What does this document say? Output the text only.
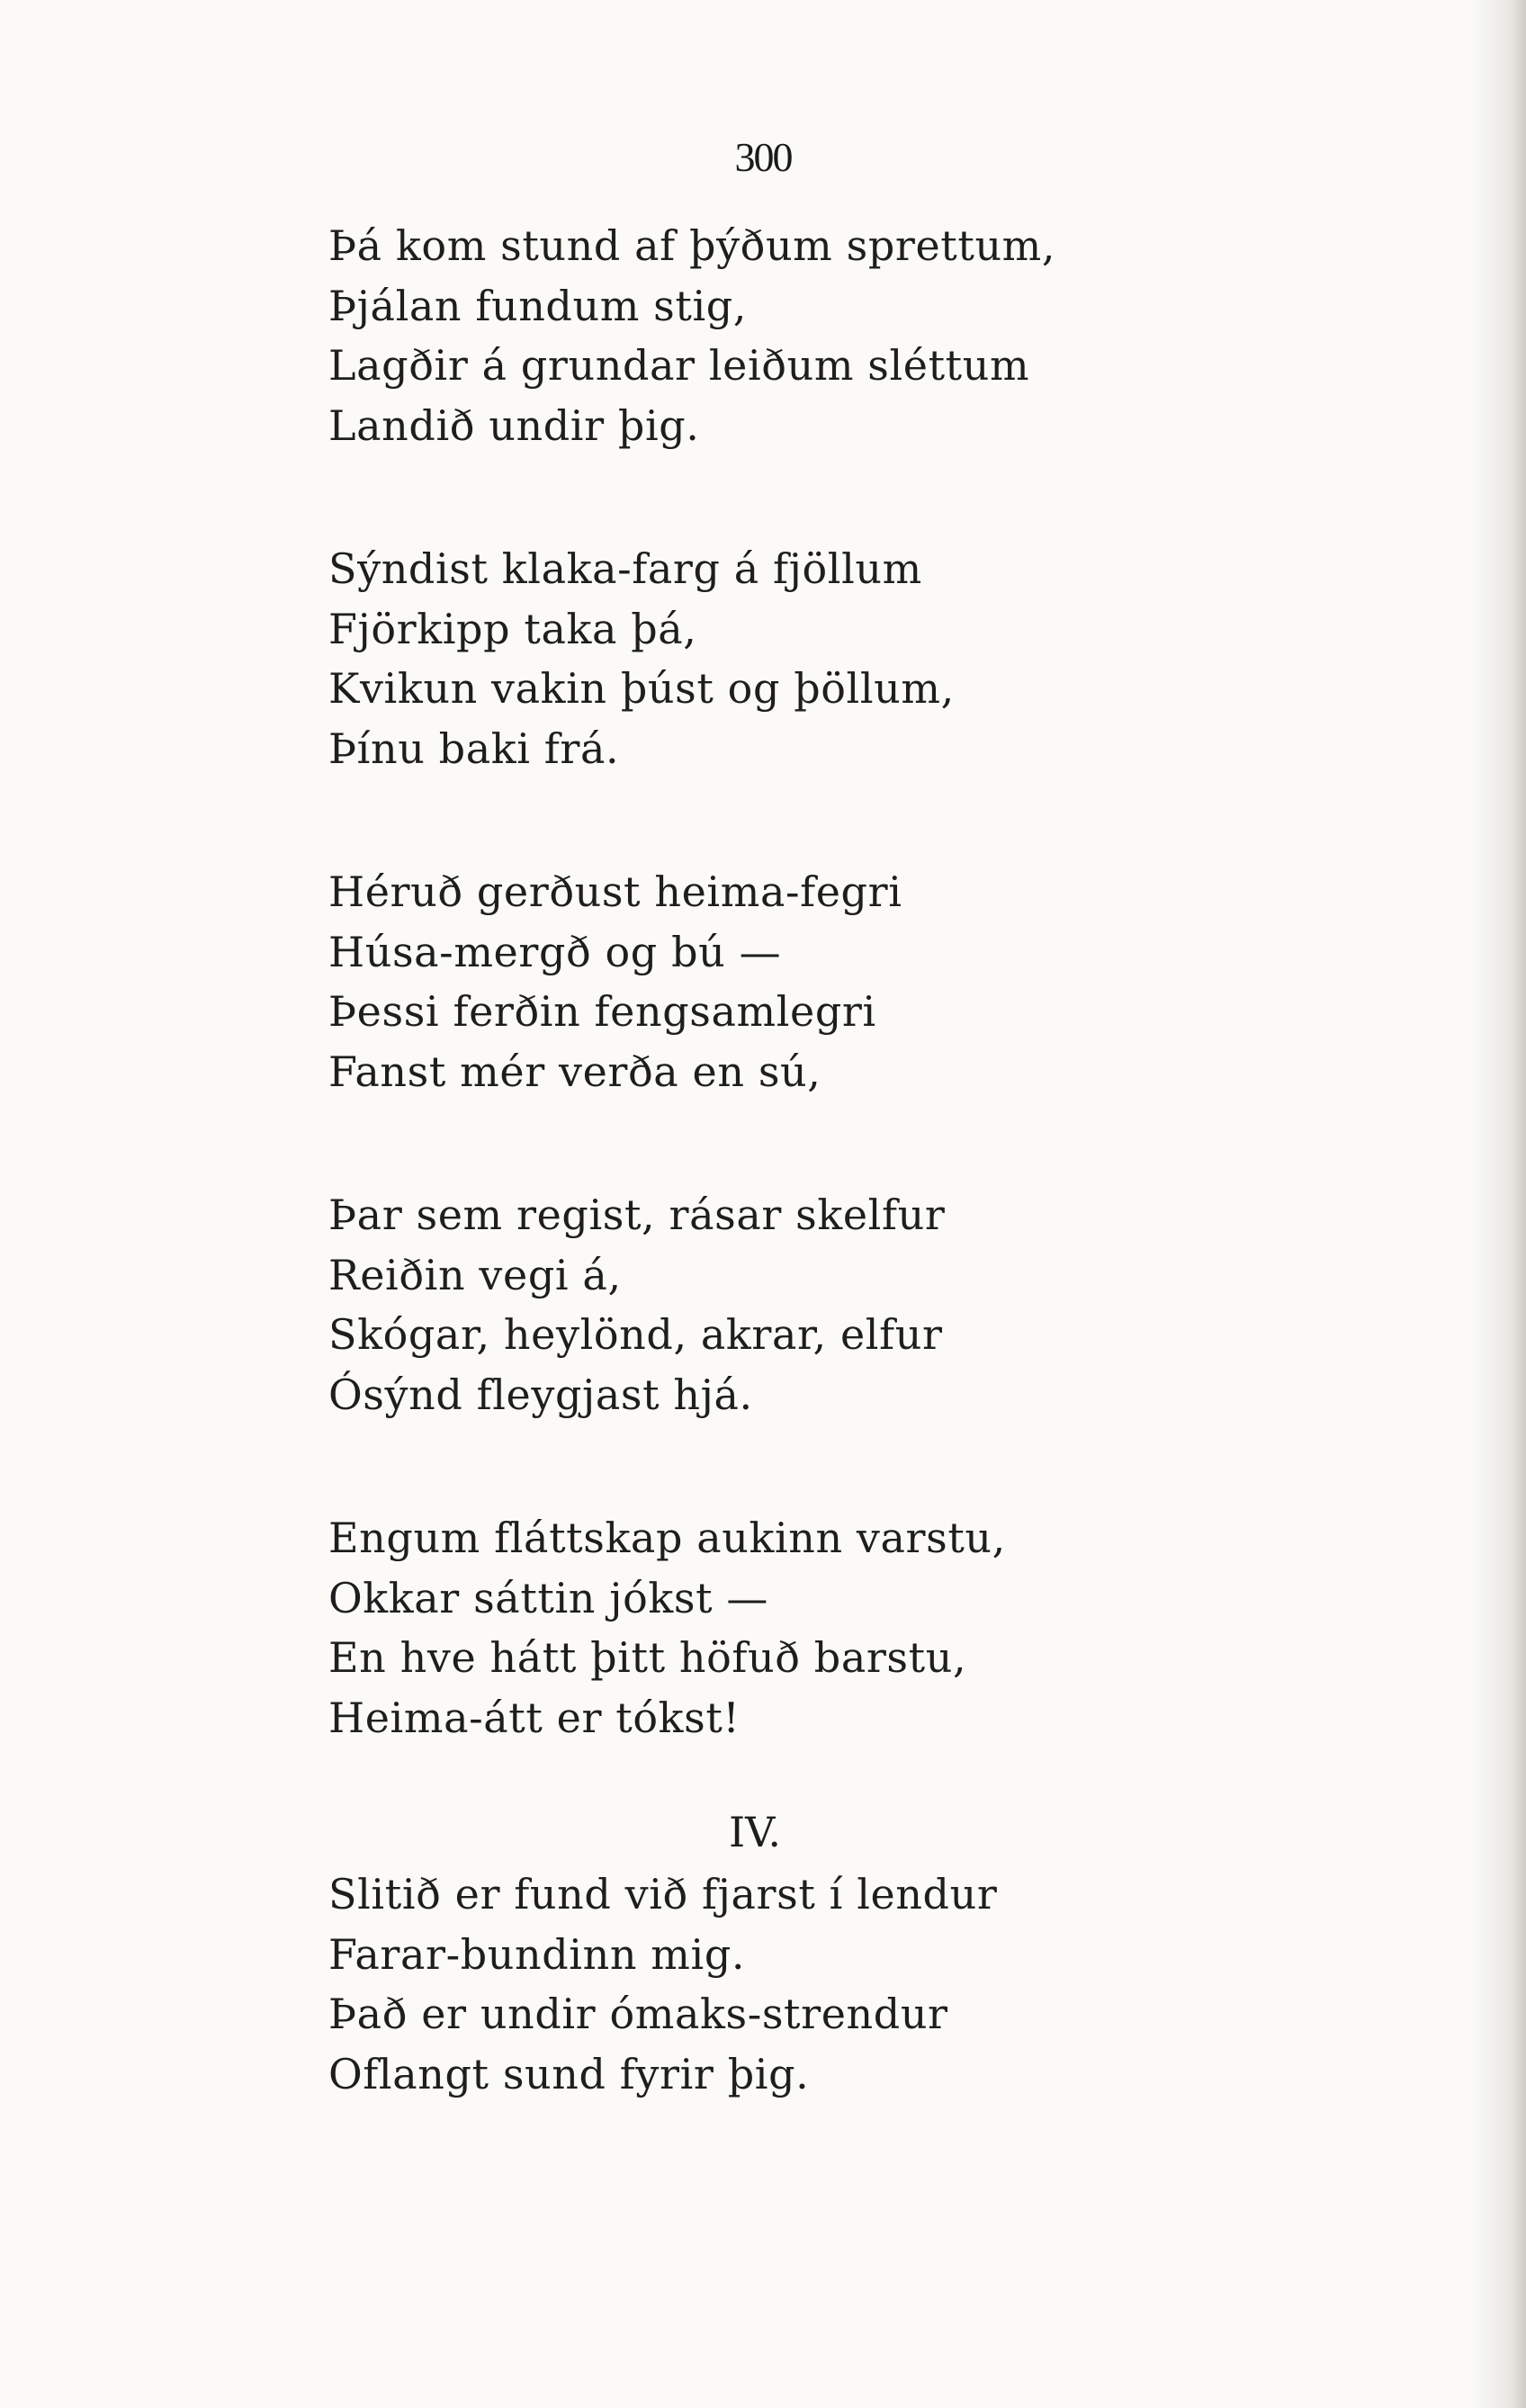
300
Þá kom stund af þýðum sprettum,
Þjálan fundum stig,
Lagðir á grundar leiðum sléttum
Landið undir þig.
Sýndist klaka-farg á fjöllum
Fjörkipp taka þá,
Kvikun vakin þúst og þöllum,
Þínu baki frá.
Héruð gerðust heima-fegri
Húsa-mergð og bú —
Þessi ferðin fengsamlegri
Fanst mér verða en sú,
Þar sem regist, rásar skelfur
Reiðin vegi á,
Skógar, heylönd, akrar, elfur
Ósýnd fleygjast hjá.
Engum fláttskap aukinn varstu,
Okkar sáttin jókst —
En hve hátt þitt höfuð barstu,
Heima-átt er tókst!
IV.
Slitið er fund við fjarst í lendur
Farar-bundinn mig.
Það er undir ómaks-strendur
Oflangt sund fyrir þig.
